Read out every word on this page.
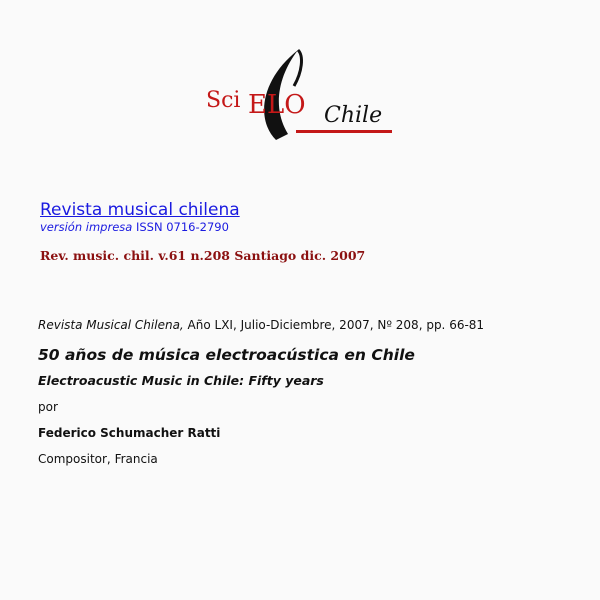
Sci ELO Chile
Revista musical chilena
versión impresa ISSN 0716-2790
Rev. music. chil. v.61 n.208 Santiago dic. 2007
Revista Musical Chilena, Año LXI, Julio-Diciembre, 2007, Nº 208, pp. 66-81
50 años de música electroacústica en Chile
Electroacustic Music in Chile: Fifty years
por
Federico Schumacher Ratti
Compositor, Francia
